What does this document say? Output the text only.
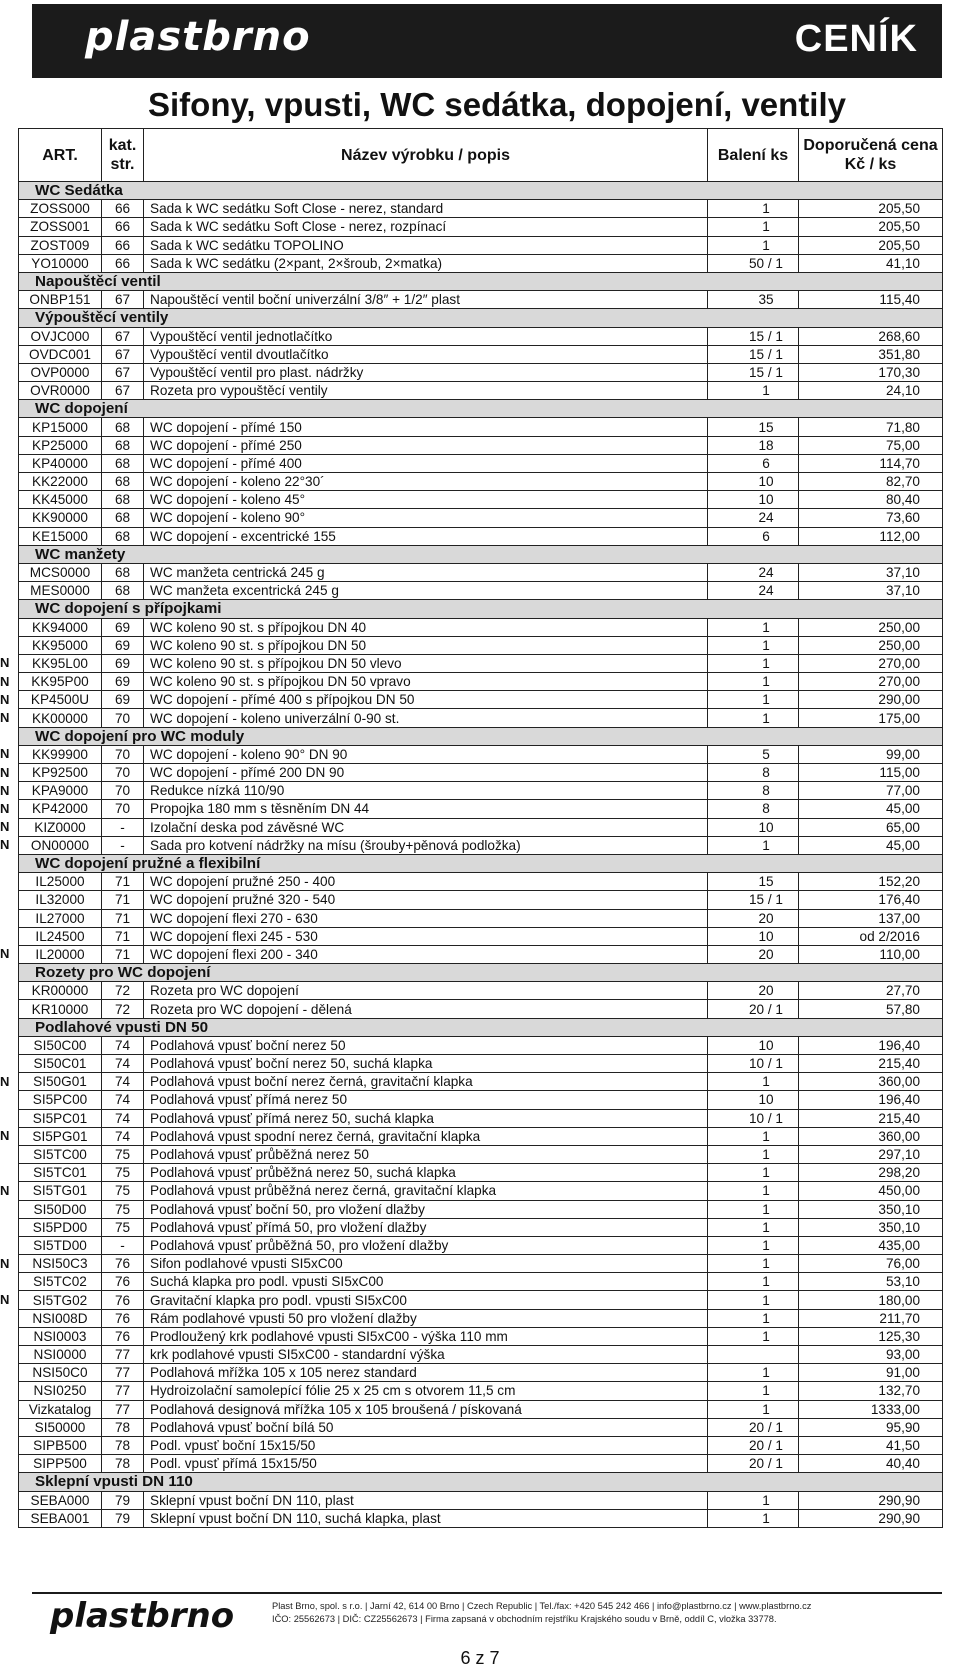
plastbrno	CENÍK
Sifony, vpusti, WC sedátka, dopojení, ventily
ART.	kat. str.	Název výrobku / popis	Balení ks	Doporučená cena Kč / ks
WC Sedátka				
ZOSS000	66	Sada k WC sedátku Soft Close - nerez, standard	1	205,50
ZOSS001	66	Sada k WC sedátku Soft Close - nerez, rozpínací	1	205,50
ZOST009	66	Sada k WC sedátku TOPOLINO	1	205,50
YO10000	66	Sada k WC sedátku (2×pant, 2×šroub, 2×matka)	50 / 1	41,10
Napouštěcí ventil				
ONBP151	67	Napouštěcí ventil boční univerzální 3/8″ + 1/2″ plast	35	115,40
Výpouštěcí ventily				
OVJC000	67	Vypouštěcí ventil jednotlačítko	15 / 1	268,60
OVDC001	67	Vypouštěcí ventil dvoutlačítko	15 / 1	351,80
OVP0000	67	Vypouštěcí ventil pro plast. nádržky	15 / 1	170,30
OVR0000	67	Rozeta pro vypouštěcí ventily	1	24,10
WC dopojení				
KP15000	68	WC dopojení - přímé 150	15	71,80
KP25000	68	WC dopojení - přímé 250	18	75,00
KP40000	68	WC dopojení - přímé 400	6	114,70
KK22000	68	WC dopojení - koleno 22°30´	10	82,70
KK45000	68	WC dopojení - koleno 45°	10	80,40
KK90000	68	WC dopojení - koleno 90°	24	73,60
KE15000	68	WC dopojení - excentrické 155	6	112,00
WC manžety				
MCS0000	68	WC manžeta centrická 245 g	24	37,10
MES0000	68	WC manžeta excentrická 245 g	24	37,10
WC dopojení s přípojkami				
KK94000	69	WC koleno 90 st. s přípojkou DN 40	1	250,00
KK95000	69	WC koleno 90 st. s přípojkou DN 50	1	250,00
KK95L00	69	WC koleno 90 st. s přípojkou DN 50 vlevo	1	270,00
KK95P00	69	WC koleno 90 st. s přípojkou DN 50 vpravo	1	270,00
KP4500U	69	WC dopojení - přímé 400 s přípojkou DN 50	1	290,00
KK00000	70	WC dopojení - koleno univerzální 0-90 st.	1	175,00
WC dopojení pro WC moduly				
KK99900	70	WC dopojení - koleno 90° DN 90	5	99,00
KP92500	70	WC dopojení - přímé 200 DN 90	8	115,00
KPA9000	70	Redukce nízká 110/90	8	77,00
KP42000	70	Propojka 180 mm s těsněním DN 44	8	45,00
KIZ0000	-	Izolační deska pod závěsné WC	10	65,00
ON00000	-	Sada pro kotvení nádržky na mísu (šrouby+pěnová podložka)	1	45,00
WC dopojení pružné a flexibilní				
IL25000	71	WC dopojení pružné 250 - 400	15	152,20
IL32000	71	WC dopojení pružné 320 - 540	15 / 1	176,40
IL27000	71	WC dopojení flexi 270 - 630	20	137,00
IL24500	71	WC dopojení flexi 245 - 530	10	od 2/2016
IL20000	71	WC dopojení flexi 200 - 340	20	110,00
Rozety pro WC dopojení				
KR00000	72	Rozeta pro WC dopojení	20	27,70
KR10000	72	Rozeta pro WC dopojení - dělená	20 / 1	57,80
Podlahové vpusti DN 50				
SI50C00	74	Podlahová vpusť boční nerez 50	10	196,40
SI50C01	74	Podlahová vpusť boční nerez 50, suchá klapka	10 / 1	215,40
SI50G01	74	Podlahová vpust boční nerez černá, gravitační klapka	1	360,00
SI5PC00	74	Podlahová vpusť přímá nerez 50	10	196,40
SI5PC01	74	Podlahová vpusť přímá nerez 50, suchá klapka	10 / 1	215,40
SI5PG01	74	Podlahová vpust spodní nerez černá, gravitační klapka	1	360,00
SI5TC00	75	Podlahová vpusť průběžná nerez 50	1	297,10
SI5TC01	75	Podlahová vpusť průběžná nerez 50, suchá klapka	1	298,20
SI5TG01	75	Podlahová vpust průběžná nerez černá, gravitační klapka	1	450,00
SI50D00	75	Podlahová vpusť boční 50, pro vložení dlažby	1	350,10
SI5PD00	75	Podlahová vpusť přímá 50, pro vložení dlažby	1	350,10
SI5TD00	-	Podlahová vpusť průběžná 50, pro vložení dlažby	1	435,00
NSI50C3	76	Sifon podlahové vpusti SI5xC00	1	76,00
SI5TC02	76	Suchá klapka pro podl. vpusti SI5xC00	1	53,10
SI5TG02	76	Gravitační klapka pro podl. vpusti SI5xC00	1	180,00
NSI008D	76	Rám podlahové vpusti 50 pro vložení dlažby	1	211,70
NSI0003	76	Prodloužený krk podlahové vpusti SI5xC00 - výška 110 mm	1	125,30
NSI0000	77	krk podlahové vpusti SI5xC00 - standardní výška		93,00
NSI50C0	77	Podlahová mřížka 105 x 105 nerez standard	1	91,00
NSI0250	77	Hydroizolační samolepící fólie 25 x 25 cm s otvorem 11,5 cm	1	132,70
Vizkatalog	77	Podlahová designová mřížka 105 x 105 broušená / pískovaná	1	1333,00
SI50000	78	Podlahová vpusť boční bílá 50	20 / 1	95,90
SIPB500	78	Podl. vpusť boční 15x15/50	20 / 1	41,50
SIPP500	78	Podl. vpusť přímá 15x15/50	20 / 1	40,40
Sklepní vpusti DN 110				
SEBA000	79	Sklepní vpust boční DN 110, plast	1	290,90
SEBA001	79	Sklepní vpust boční DN 110, suchá klapka, plast	1	290,90
N
N
N
N
N
N
N
N
N
N
N
N
N
N
N
N
plastbrno	Plast Brno, spol. s r.o. | Jarní 42, 614 00 Brno | Czech Republic | Tel./fax: +420 545 242 466 | info@plastbrno.cz | www.plastbrno.cz
IČO: 25562673 | DIČ: CZ25562673 | Firma zapsaná v obchodním rejstříku Krajského soudu v Brně, oddíl C, vložka 33778.
6 z 7
